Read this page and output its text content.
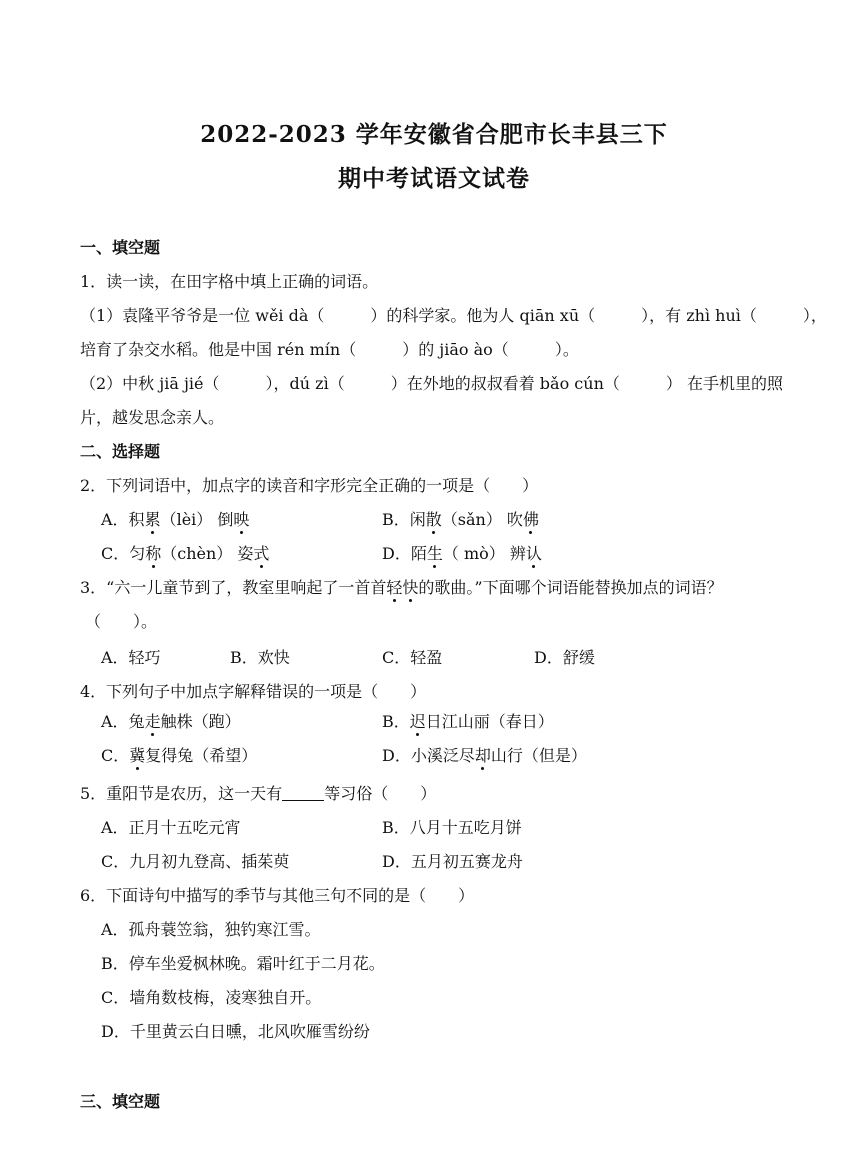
2022-2023 学年安徽省合肥市长丰县三下
期中考试语文试卷
一、填空题
1．读一读，在田字格中填上正确的词语。
（1）袁隆平爷爷是一位 wěi dà（	）的科学家。他为人 qiān xū（	），有 zhì huì（	），
培育了杂交水稻。他是中国 rén mín（	）的 jiāo ào（	）。
（2）中秋 jiā jié（	），dú zì（	）在外地的叔叔看着 bǎo cún（	） 在手机里的照
片，越发思念亲人。
二、选择题
2．下列词语中，加点字的读音和字形完全正确的一项是（　　）
A．积累（lèi） 倒映	B．闲散（sǎn） 吹佛
C．匀称（chèn） 姿式	D．陌生（ mò） 辨认
3．“六一儿童节到了，教室里响起了一首首轻快的歌曲。”下面哪个词语能替换加点的词语？
（　　）。
A．轻巧	B．欢快	C．轻盈	D．舒缓
4．下列句子中加点字解释错误的一项是（　　）
A．兔走触株（跑）	B．迟日江山丽（春日）
C．冀复得兔（希望）	D．小溪泛尽却山行（但是）
5．重阳节是农历，这一天有	等习俗（　　）
A．正月十五吃元宵	B．八月十五吃月饼
C．九月初九登高、插茱萸	D．五月初五赛龙舟
6．下面诗句中描写的季节与其他三句不同的是（　　）
A．孤舟蓑笠翁，独钓寒江雪。
B．停车坐爱枫林晚。霜叶红于二月花。
C．墙角数枝梅，凌寒独自开。
D．千里黄云白日曛，北风吹雁雪纷纷
三、填空题
